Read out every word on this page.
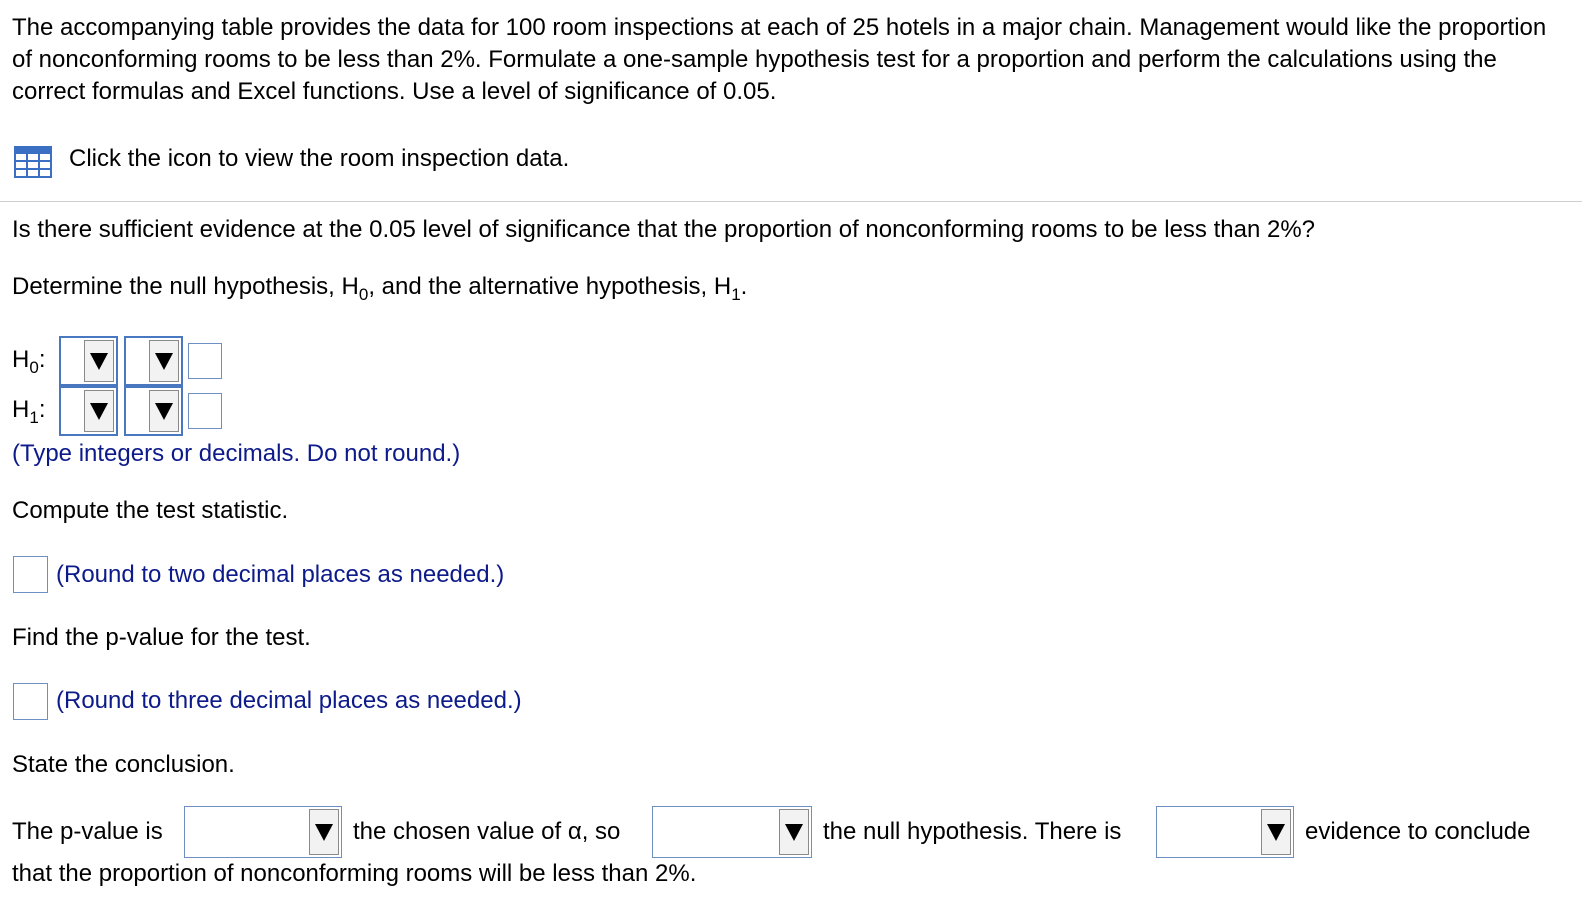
The accompanying table provides the data for 100 room inspections at each of 25 hotels in a major chain. Management would like the proportion of nonconforming rooms to be less than 2%. Formulate a one-sample hypothesis test for a proportion and perform the calculations using the correct formulas and Excel functions. Use a level of significance of 0.05.
Click the icon to view the room inspection data.
Is there sufficient evidence at the 0.05 level of significance that the proportion of nonconforming rooms to be less than 2%?
Determine the null hypothesis, $H_0$, and the alternative hypothesis, $H_1$.
$H_0$:
$H_1$:
(Type integers or decimals. Do not round.)
Compute the test statistic.
(Round to two decimal places as needed.)
Find the p-value for the test.
(Round to three decimal places as needed.)
State the conclusion.
The p-value is	the chosen value of α, so	the null hypothesis. There is	evidence to conclude
that the proportion of nonconforming rooms will be less than 2%.
